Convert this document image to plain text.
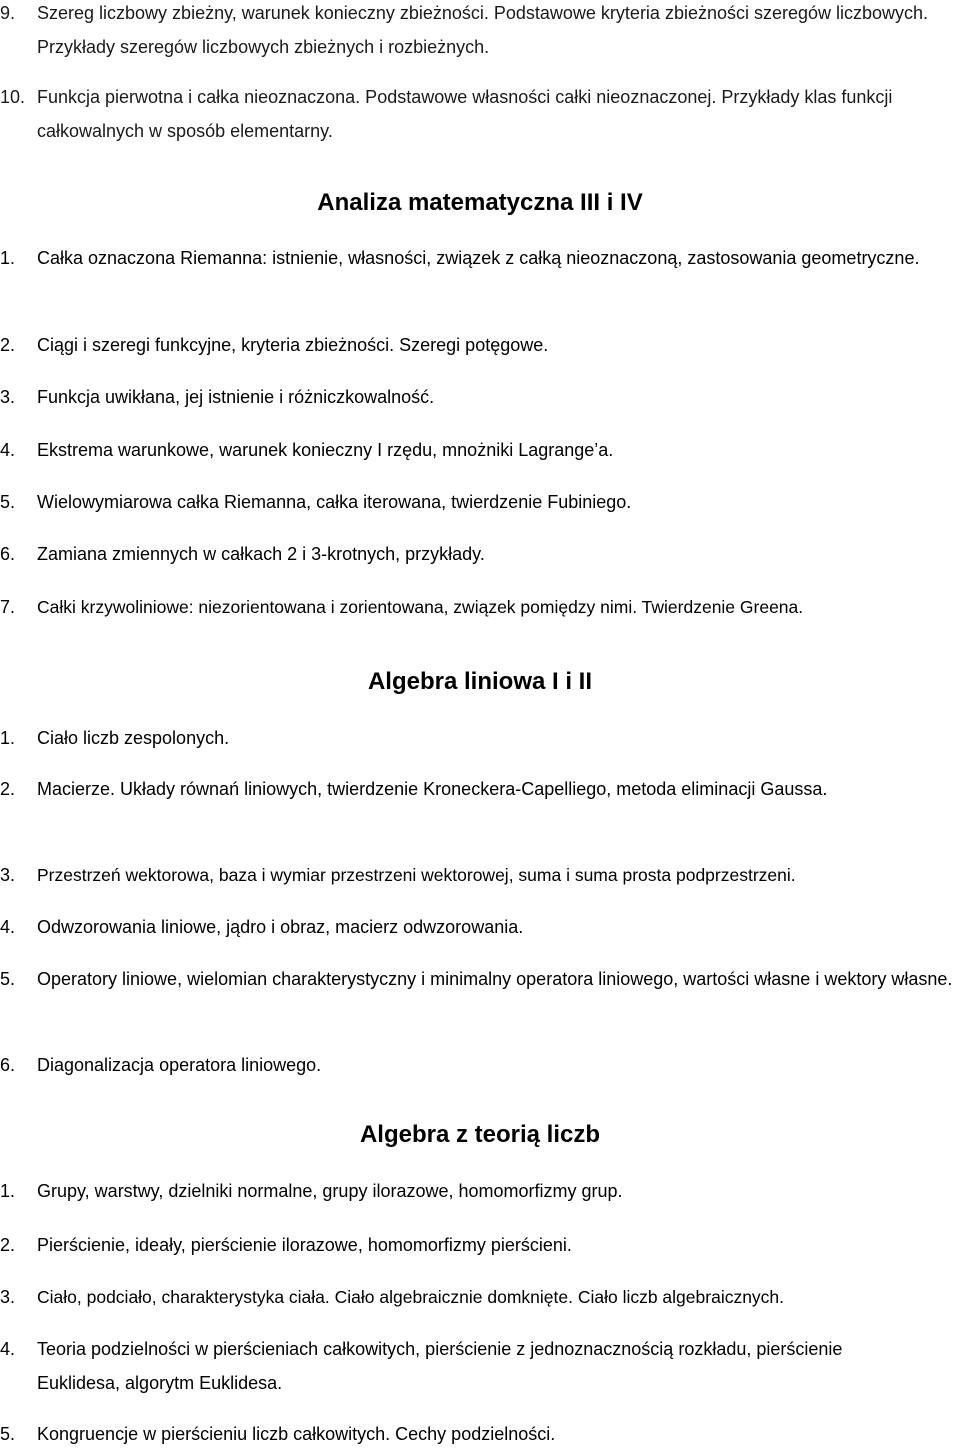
9. Szereg liczbowy zbieżny, warunek konieczny zbieżności. Podstawowe kryteria zbieżności szeregów liczbowych. Przykłady szeregów liczbowych zbieżnych i rozbieżnych.
10. Funkcja pierwotna i całka nieoznaczona. Podstawowe własności całki nieoznaczonej. Przykłady klas funkcji całkowalnych w sposób elementarny.
Analiza matematyczna III i IV
1. Całka oznaczona Riemanna: istnienie, własności, związek z całką nieoznaczoną, zastosowania geometryczne.
2. Ciągi i szeregi funkcyjne, kryteria zbieżności. Szeregi potęgowe.
3. Funkcja uwikłana, jej istnienie i różniczkowalność.
4. Ekstrema warunkowe, warunek konieczny I rzędu, mnożniki Lagrange’a.
5. Wielowymiarowa całka Riemanna, całka iterowana, twierdzenie Fubiniego.
6. Zamiana zmiennych w całkach 2 i 3-krotnych, przykłady.
7. Całki krzywoliniowe: niezorientowana i zorientowana, związek pomiędzy nimi. Twierdzenie Greena.
Algebra liniowa I i II
1. Ciało liczb zespolonych.
2. Macierze. Układy równań liniowych, twierdzenie Kroneckera-Capelliego, metoda eliminacji Gaussa.
3. Przestrzeń wektorowa, baza i wymiar przestrzeni wektorowej, suma i suma prosta podprzestrzeni.
4. Odwzorowania liniowe, jądro i obraz, macierz odwzorowania.
5. Operatory liniowe, wielomian charakterystyczny i minimalny operatora liniowego, wartości własne i wektory własne.
6. Diagonalizacja operatora liniowego.
Algebra z teorią liczb
1. Grupy, warstwy, dzielniki normalne, grupy ilorazowe, homomorfizmy grup.
2. Pierścienie, ideały, pierścienie ilorazowe, homomorfizmy pierścieni.
3. Ciało, podciało, charakterystyka ciała. Ciało algebraicznie domknięte. Ciało liczb algebraicznych.
4. Teoria podzielności w pierścieniach całkowitych, pierścienie z jednoznacznością rozkładu, pierścienie Euklidesa, algorytm Euklidesa.
5. Kongruencje w pierścieniu liczb całkowitych. Cechy podzielności.
